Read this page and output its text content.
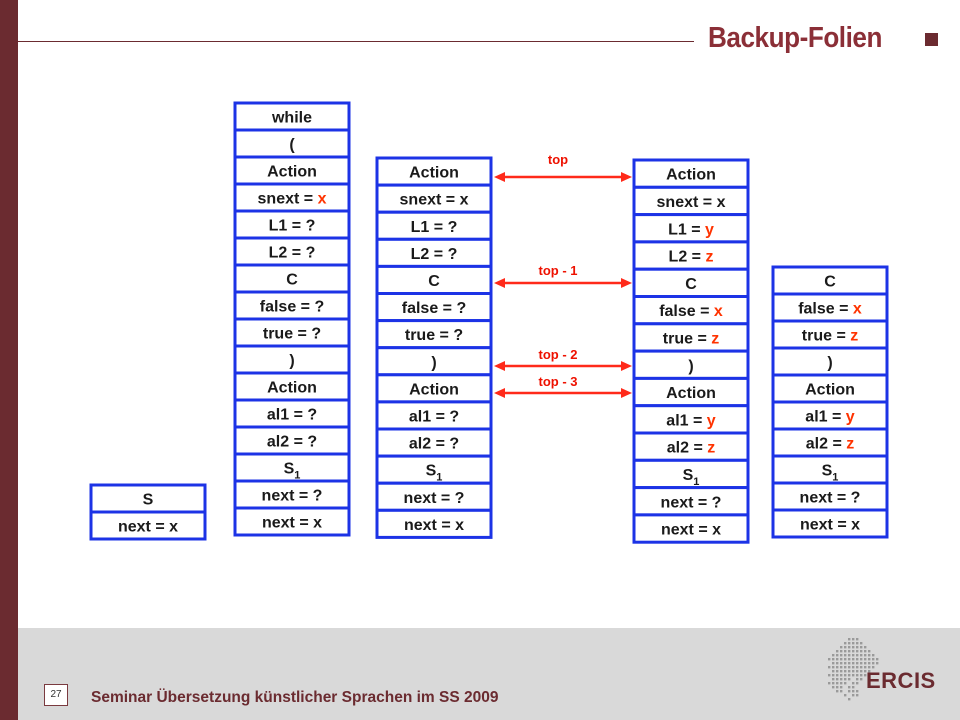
Backup-Folien
S
next = x
while
(
Action
snext = x
L1 = ?
L2 = ?
C
false = ?
true = ?
)
Action
al1 = ?
al2 = ?
$S_1$
next = ?
next = x
Action
snext = x
L1 = ?
L2 = ?
C
false = ?
true = ?
)
Action
al1 = ?
al2 = ?
$S_1$
next = ?
next = x
Action
snext = x
L1 = y
L2 = z
C
false = x
true = z
)
Action
al1 = y
al2 = z
$S_1$
next = ?
next = x
C
false = x
true = z
)
Action
al1 = y
al2 = z
$S_1$
next = ?
next = x
top
top - 1
top - 2
top - 3
27	Seminar Übersetzung künstlicher Sprachen im SS 2009
ERCIS
